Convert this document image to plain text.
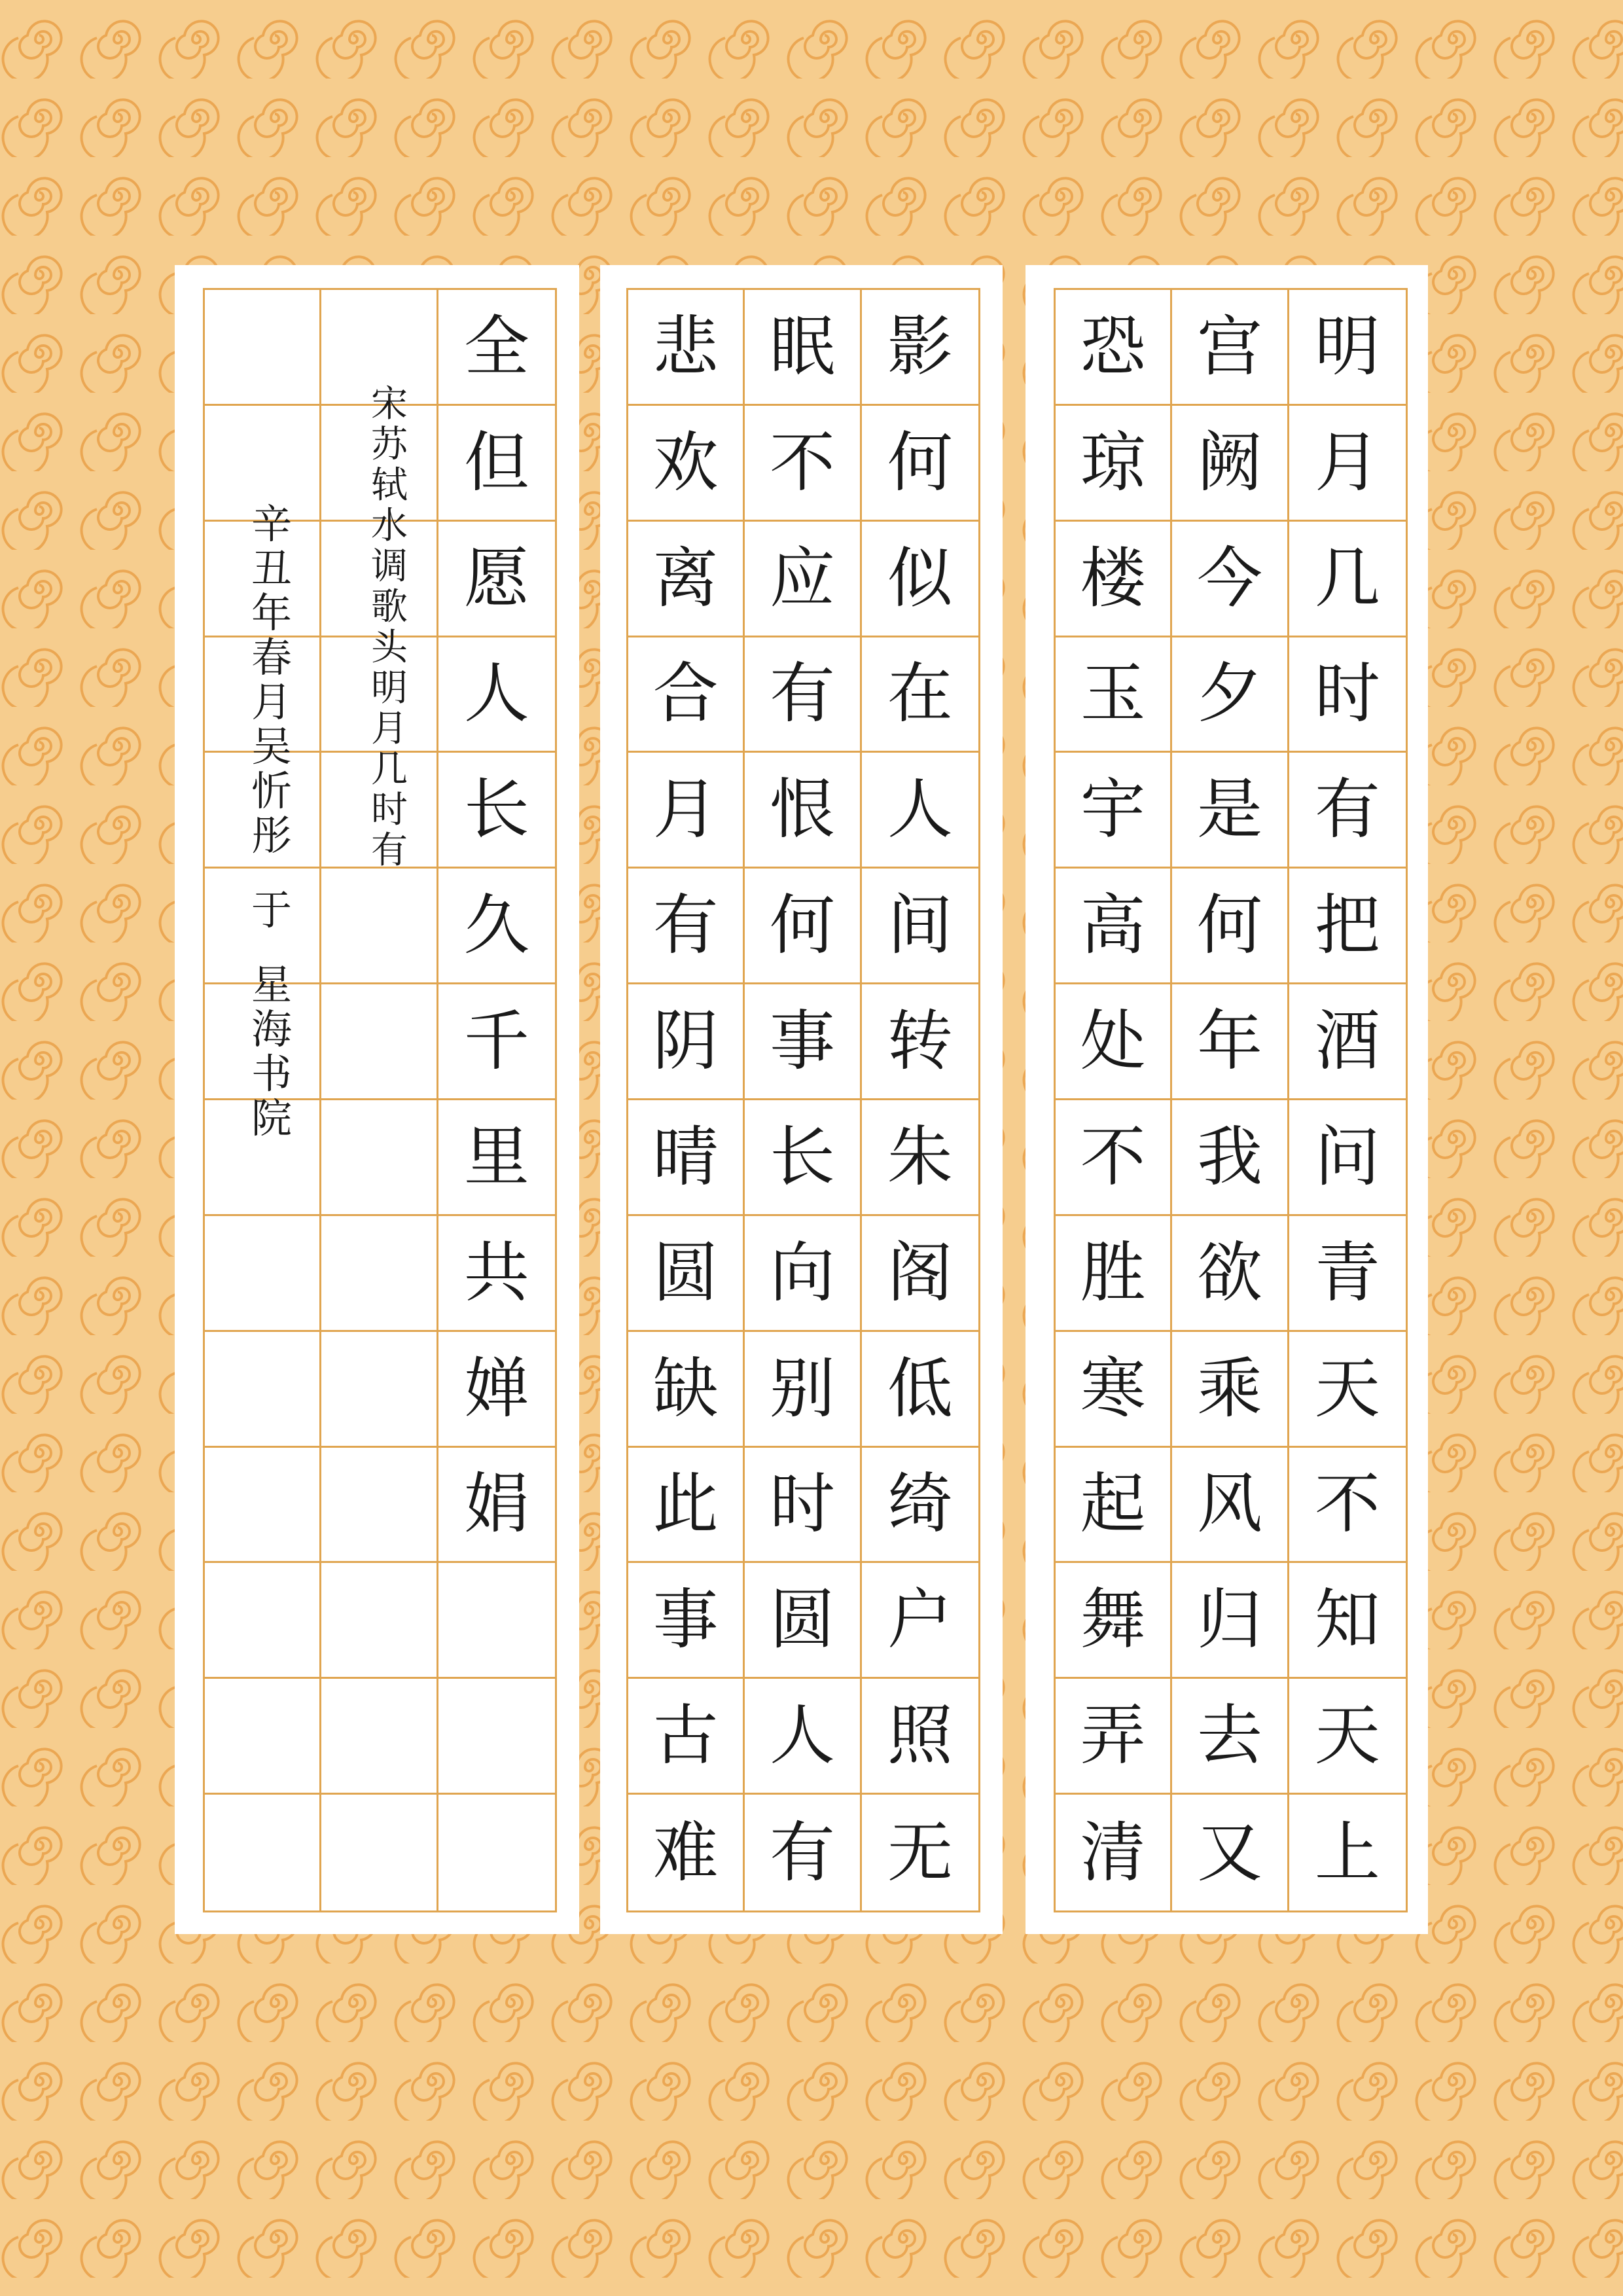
恐
琼
楼
玉
宇
高
处
不
胜
寒
起
舞
弄
清
宫
阙
今
夕
是
何
年
我
欲
乘
风
归
去
又
明
月
几
时
有
把
酒
问
青
天
不
知
天
上
悲
欢
离
合
月
有
阴
晴
圆
缺
此
事
古
难
眠
不
应
有
恨
何
事
长
向
别
时
圆
人
有
影
何
似
在
人
间
转
朱
阁
低
绮
户
照
无
全
但
愿
人
长
久
千
里
共
婵
娟
宋
苏
轼
水
调
歌
头
明
月
几
时
有
辛
丑
年
春
月
吴
忻
彤
于
星
海
书
院
